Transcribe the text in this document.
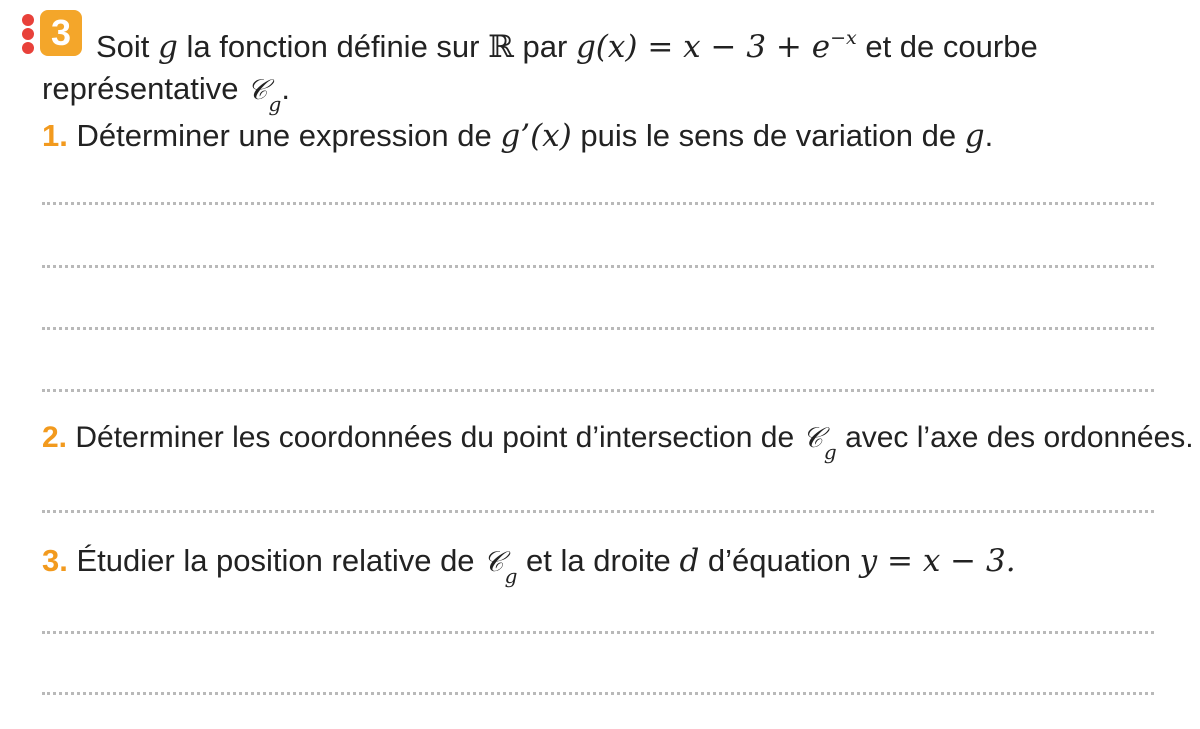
3 Soit g la fonction définie sur ℝ par $g(x) = x - 3 + e^{-x}$ et de courbe
représentative 𝒞$_g$.
1. Déterminer une expression de g’(x) puis le sens de variation de g.
2. Déterminer les coordonnées du point d’intersection de 𝒞$_g$ avec l’axe des ordonnées.
3. Étudier la position relative de 𝒞$_g$ et la droite d d’équation y = x − 3.
